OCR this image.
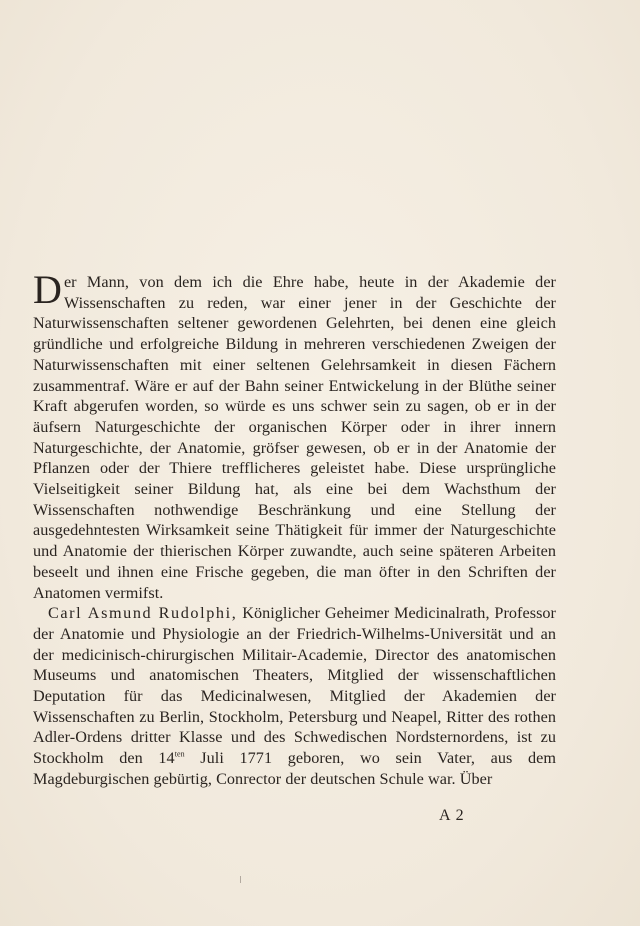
Der Mann, von dem ich die Ehre habe, heute in der Akademie der Wissenschaften zu reden, war einer jener in der Geschichte der Naturwissenschaften seltener gewordenen Gelehrten, bei denen eine gleich gründliche und erfolgreiche Bildung in mehreren verschiedenen Zweigen der Naturwissenschaften mit einer seltenen Gelehrsamkeit in diesen Fächern zusammentraf. Wäre er auf der Bahn seiner Entwickelung in der Blüthe seiner Kraft abgerufen worden, so würde es uns schwer sein zu sagen, ob er in der äufsern Naturgeschichte der organischen Körper oder in ihrer innern Naturgeschichte, der Anatomie, gröfser gewesen, ob er in der Anatomie der Pflanzen oder der Thiere trefflicheres geleistet habe. Diese ursprüngliche Vielseitigkeit seiner Bildung hat, als eine bei dem Wachsthum der Wissenschaften nothwendige Beschränkung und eine Stellung der ausgedehntesten Wirksamkeit seine Thätigkeit für immer der Naturgeschichte und Anatomie der thierischen Körper zuwandte, auch seine späteren Arbeiten beseelt und ihnen eine Frische gegeben, die man öfter in den Schriften der Anatomen vermifst.

Carl Asmund Rudolphi, Königlicher Geheimer Medicinalrath, Professor der Anatomie und Physiologie an der Friedrich-Wilhelms-Universität und an der medicinisch-chirurgischen Militair-Academie, Director des anatomischen Museums und anatomischen Theaters, Mitglied der wissenschaftlichen Deputation für das Medicinalwesen, Mitglied der Akademien der Wissenschaften zu Berlin, Stockholm, Petersburg und Neapel, Ritter des rothen Adler-Ordens dritter Klasse und des Schwedischen Nordsternordens, ist zu Stockholm den $14^{ten}$ Juli 1771 geboren, wo sein Vater, aus dem Magdeburgischen gebürtig, Conrector der deutschen Schule war. Über

A 2
